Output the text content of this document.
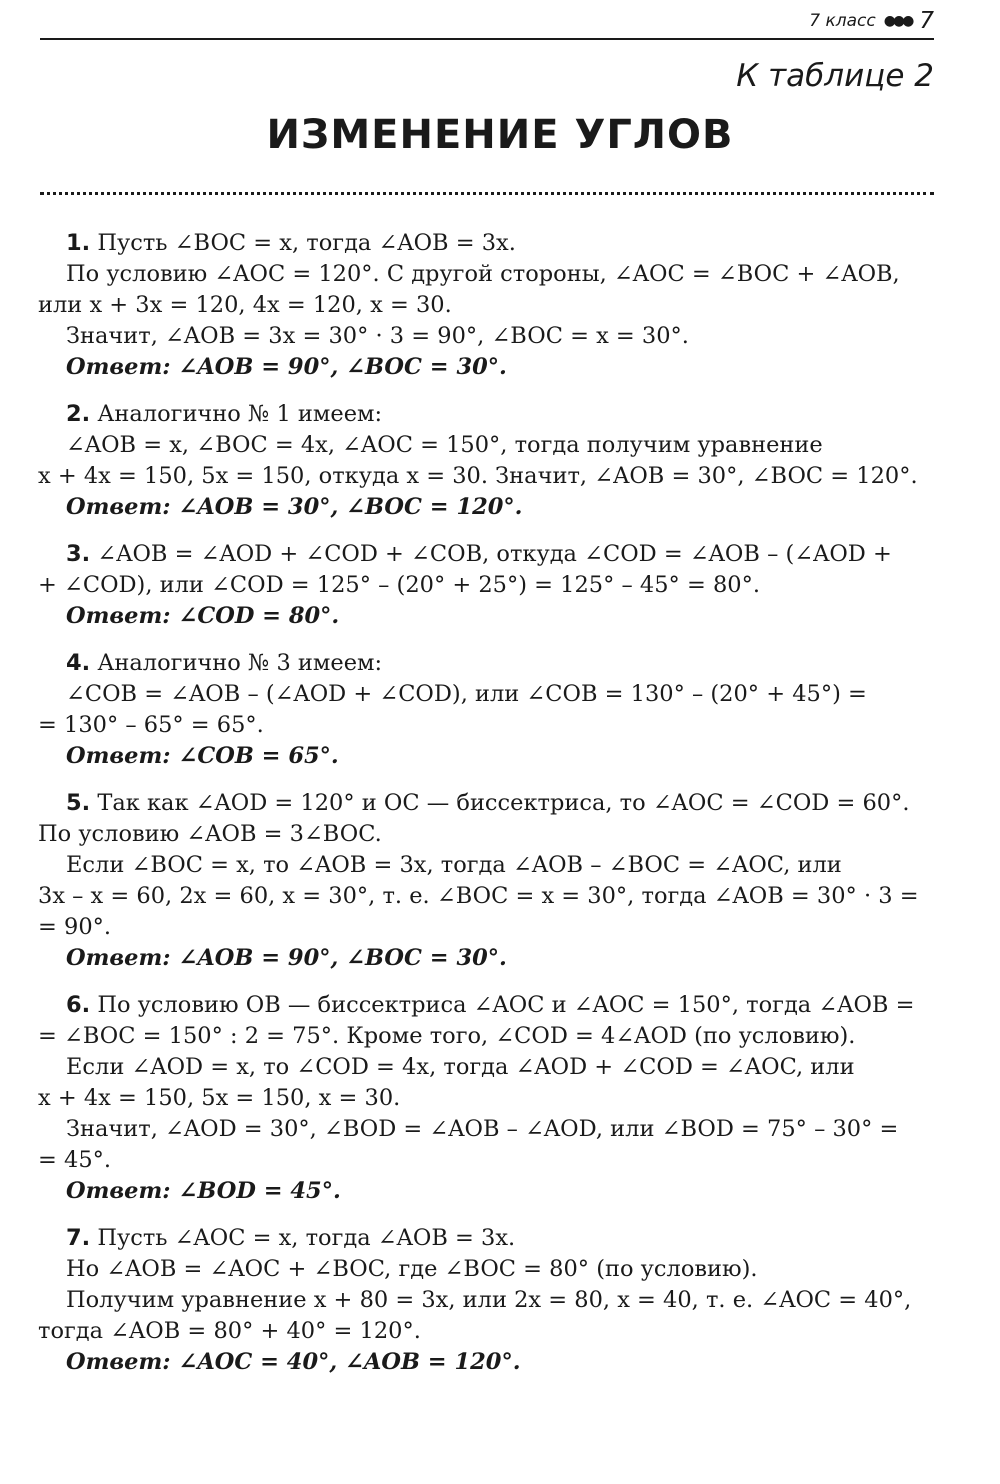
7 класс ●●● 7
К таблице 2
ИЗМЕНЕНИЕ УГЛОВ
1. Пусть ∠BOC = x, тогда ∠AOB = 3x.
По условию ∠AOC = 120°. С другой стороны, ∠AOC = ∠BOC + ∠AOB,
или x + 3x = 120, 4x = 120, x = 30.
Значит, ∠AOB = 3x = 30° · 3 = 90°, ∠BOC = x = 30°.
Ответ: ∠AOB = 90°, ∠BOC = 30°.
2. Аналогично № 1 имеем:
∠AOB = x, ∠BOC = 4x, ∠AOC = 150°, тогда получим уравнение
x + 4x = 150, 5x = 150, откуда x = 30. Значит, ∠AOB = 30°, ∠BOC = 120°.
Ответ: ∠AOB = 30°, ∠BOC = 120°.
3. ∠AOB = ∠AOD + ∠COD + ∠COB, откуда ∠COD = ∠AOB – (∠AOD +
+ ∠COD), или ∠COD = 125° – (20° + 25°) = 125° – 45° = 80°.
Ответ: ∠COD = 80°.
4. Аналогично № 3 имеем:
∠COB = ∠AOB – (∠AOD + ∠COD), или ∠COB = 130° – (20° + 45°) =
= 130° – 65° = 65°.
Ответ: ∠COB = 65°.
5. Так как ∠AOD = 120° и OC — биссектриса, то ∠AOC = ∠COD = 60°.
По условию ∠AOB = 3∠BOC.
Если ∠BOC = x, то ∠AOB = 3x, тогда ∠AOB – ∠BOC = ∠AOC, или
3x – x = 60, 2x = 60, x = 30°, т. е. ∠BOC = x = 30°, тогда ∠AOB = 30° · 3 =
= 90°.
Ответ: ∠AOB = 90°, ∠BOC = 30°.
6. По условию OB — биссектриса ∠AOC и ∠AOC = 150°, тогда ∠AOB =
= ∠BOC = 150° : 2 = 75°. Кроме того, ∠COD = 4∠AOD (по условию).
Если ∠AOD = x, то ∠COD = 4x, тогда ∠AOD + ∠COD = ∠AOC, или
x + 4x = 150, 5x = 150, x = 30.
Значит, ∠AOD = 30°, ∠BOD = ∠AOB – ∠AOD, или ∠BOD = 75° – 30° =
= 45°.
Ответ: ∠BOD = 45°.
7. Пусть ∠AOC = x, тогда ∠AOB = 3x.
Но ∠AOB = ∠AOC + ∠BOC, где ∠BOC = 80° (по условию).
Получим уравнение x + 80 = 3x, или 2x = 80, x = 40, т. е. ∠AOC = 40°,
тогда ∠AOB = 80° + 40° = 120°.
Ответ: ∠AOC = 40°, ∠AOB = 120°.
